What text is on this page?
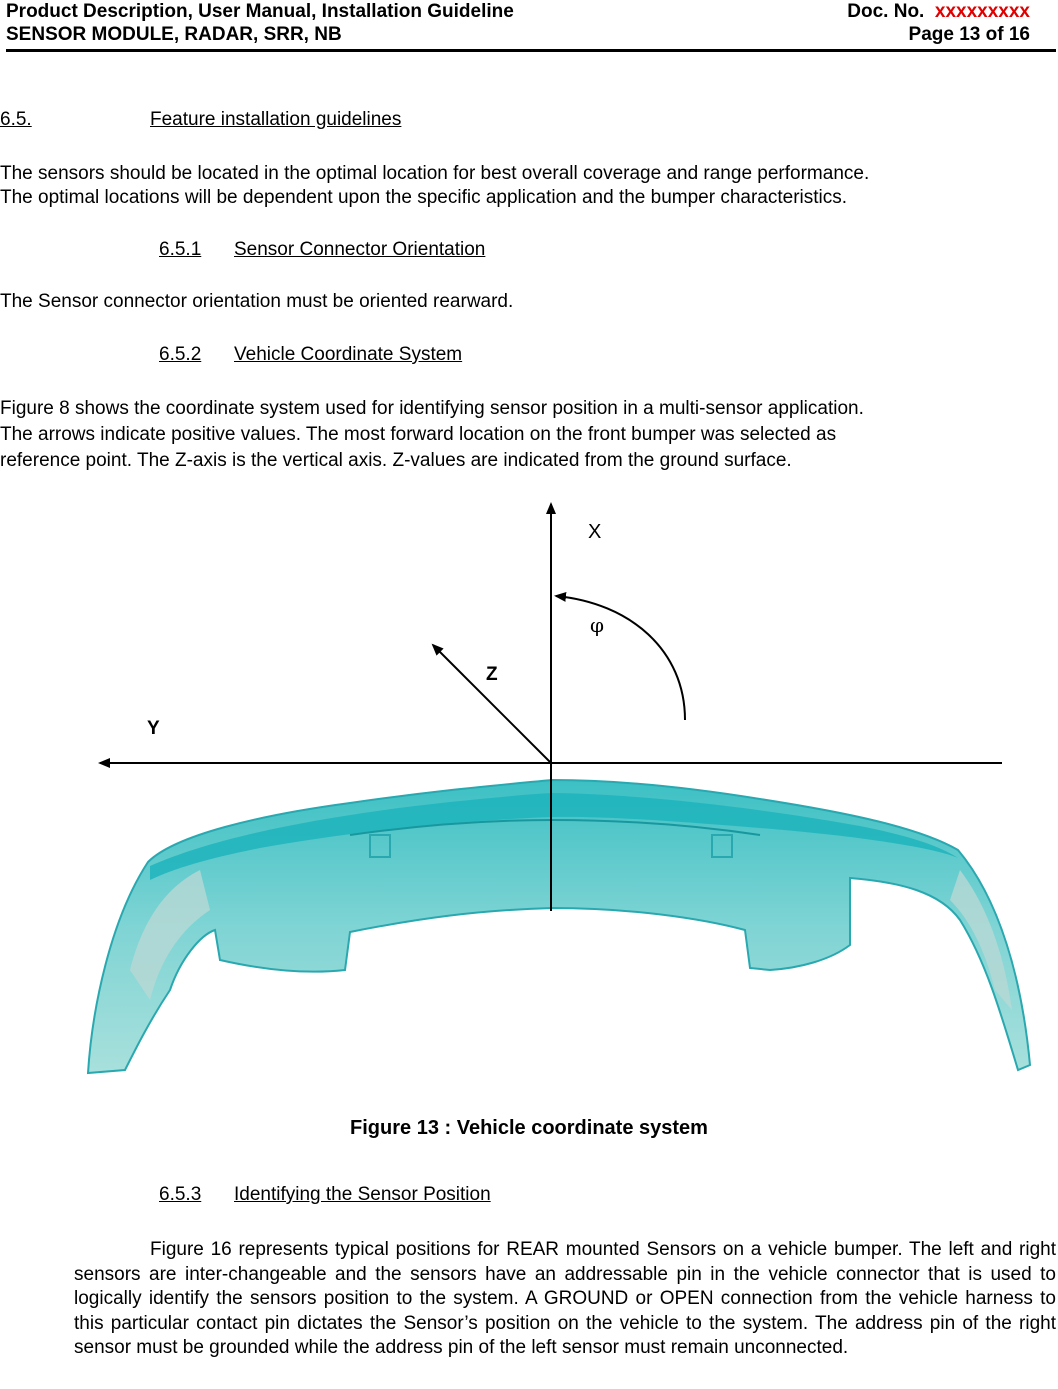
Product Description, User Manual, Installation Guideline	Doc. No. xxxxxxxxx
SENSOR MODULE, RADAR, SRR, NB	Page 13 of 16
6.5.	Feature installation guidelines
The sensors should be located in the optimal location for best overall coverage and range performance.
The optimal locations will be dependent upon the specific application and the bumper characteristics.
6.5.1 Sensor Connector Orientation
The Sensor connector orientation must be oriented rearward.
6.5.2 Vehicle Coordinate System
Figure 8 shows the coordinate system used for identifying sensor position in a multi-sensor application.
The arrows indicate positive values. The most forward location on the front bumper was selected as
reference point. The Z-axis is the vertical axis. Z-values are indicated from the ground surface.
X
φ
Z
Y
Figure 13 : Vehicle coordinate system
6.5.3 Identifying the Sensor Position
Figure 16 represents typical positions for REAR mounted Sensors on a vehicle bumper. The left and right sensors are inter-changeable and the sensors have an addressable pin in the vehicle connector that is used to logically identify the sensors position to the system. A GROUND or OPEN connection from the vehicle harness to this particular contact pin dictates the Sensor’s position on the vehicle to the system. The address pin of the right sensor must be grounded while the address pin of the left sensor must remain unconnected.
